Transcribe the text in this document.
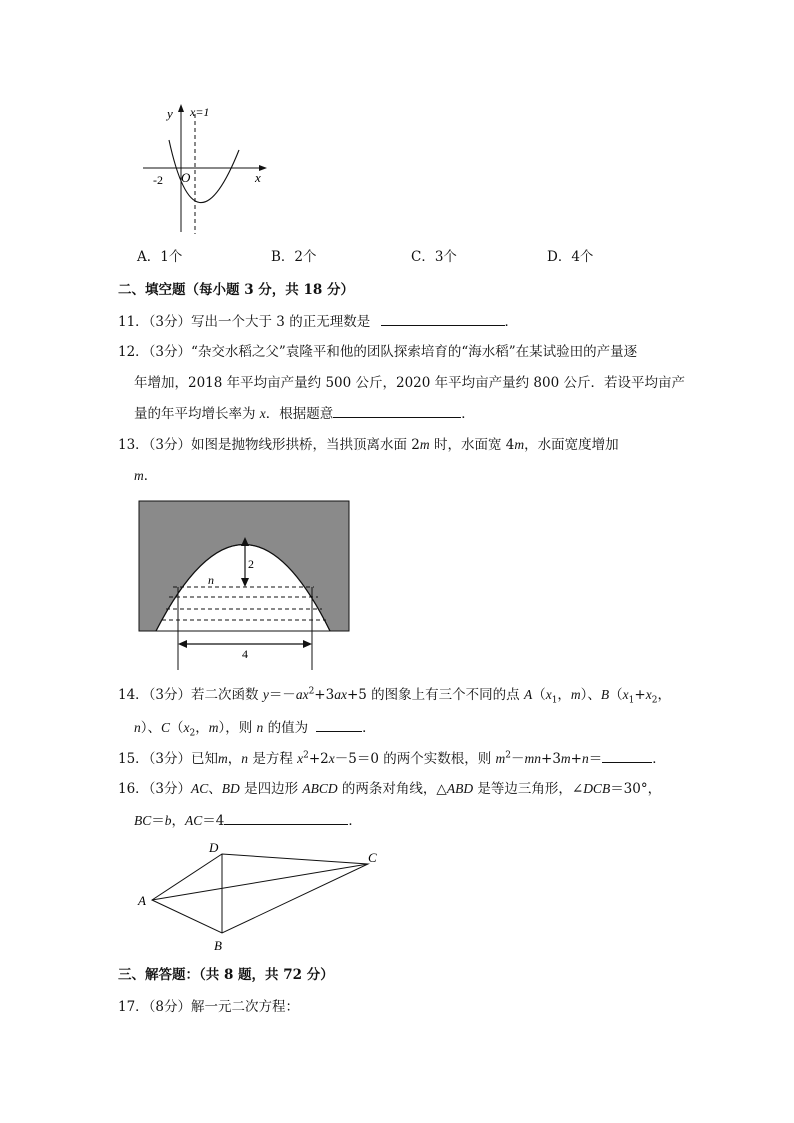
y x=1
O	x
-2
A．1个	B．2个	C．3个	D．4个
二、填空题（每小题 3 分，共 18 分）
11．（3分）写出一个大于 3 的正无理数是	．
12．（3分）“杂交水稻之父”袁隆平和他的团队探索培育的“海水稻”在某试验田的产量逐
年增加，2018 年平均亩产量约 500 公斤，2020 年平均亩产量约 800 公斤．若设平均亩产
量的年平均增长率为 x．根据题意	．
13．（3分）如图是抛物线形拱桥，当拱顶离水面 2m 时，水面宽 4m，水面宽度增加
m．
2
n
4
14．（3分）若二次函数 $y=-ax^2+3ax+5$ 的图象上有三个不同的点 $A(x_1$，m）、$B(x_1+x_2$，
n）、$C(x_2$，m），则 n 的值为	．
15．（3分）已知m，n 是方程 $x^2+2x-5=0$ 的两个实数根，则 $m^2-mn+3m+n=$	．
16．（3分）AC、BD 是四边形 ABCD 的两条对角线，△ABD 是等边三角形，∠DCB＝30°，
BC＝b，AC＝4	．
A
D
C
B
三、解答题：（共 8 题，共 72 分）
17．（8分）解一元二次方程：
